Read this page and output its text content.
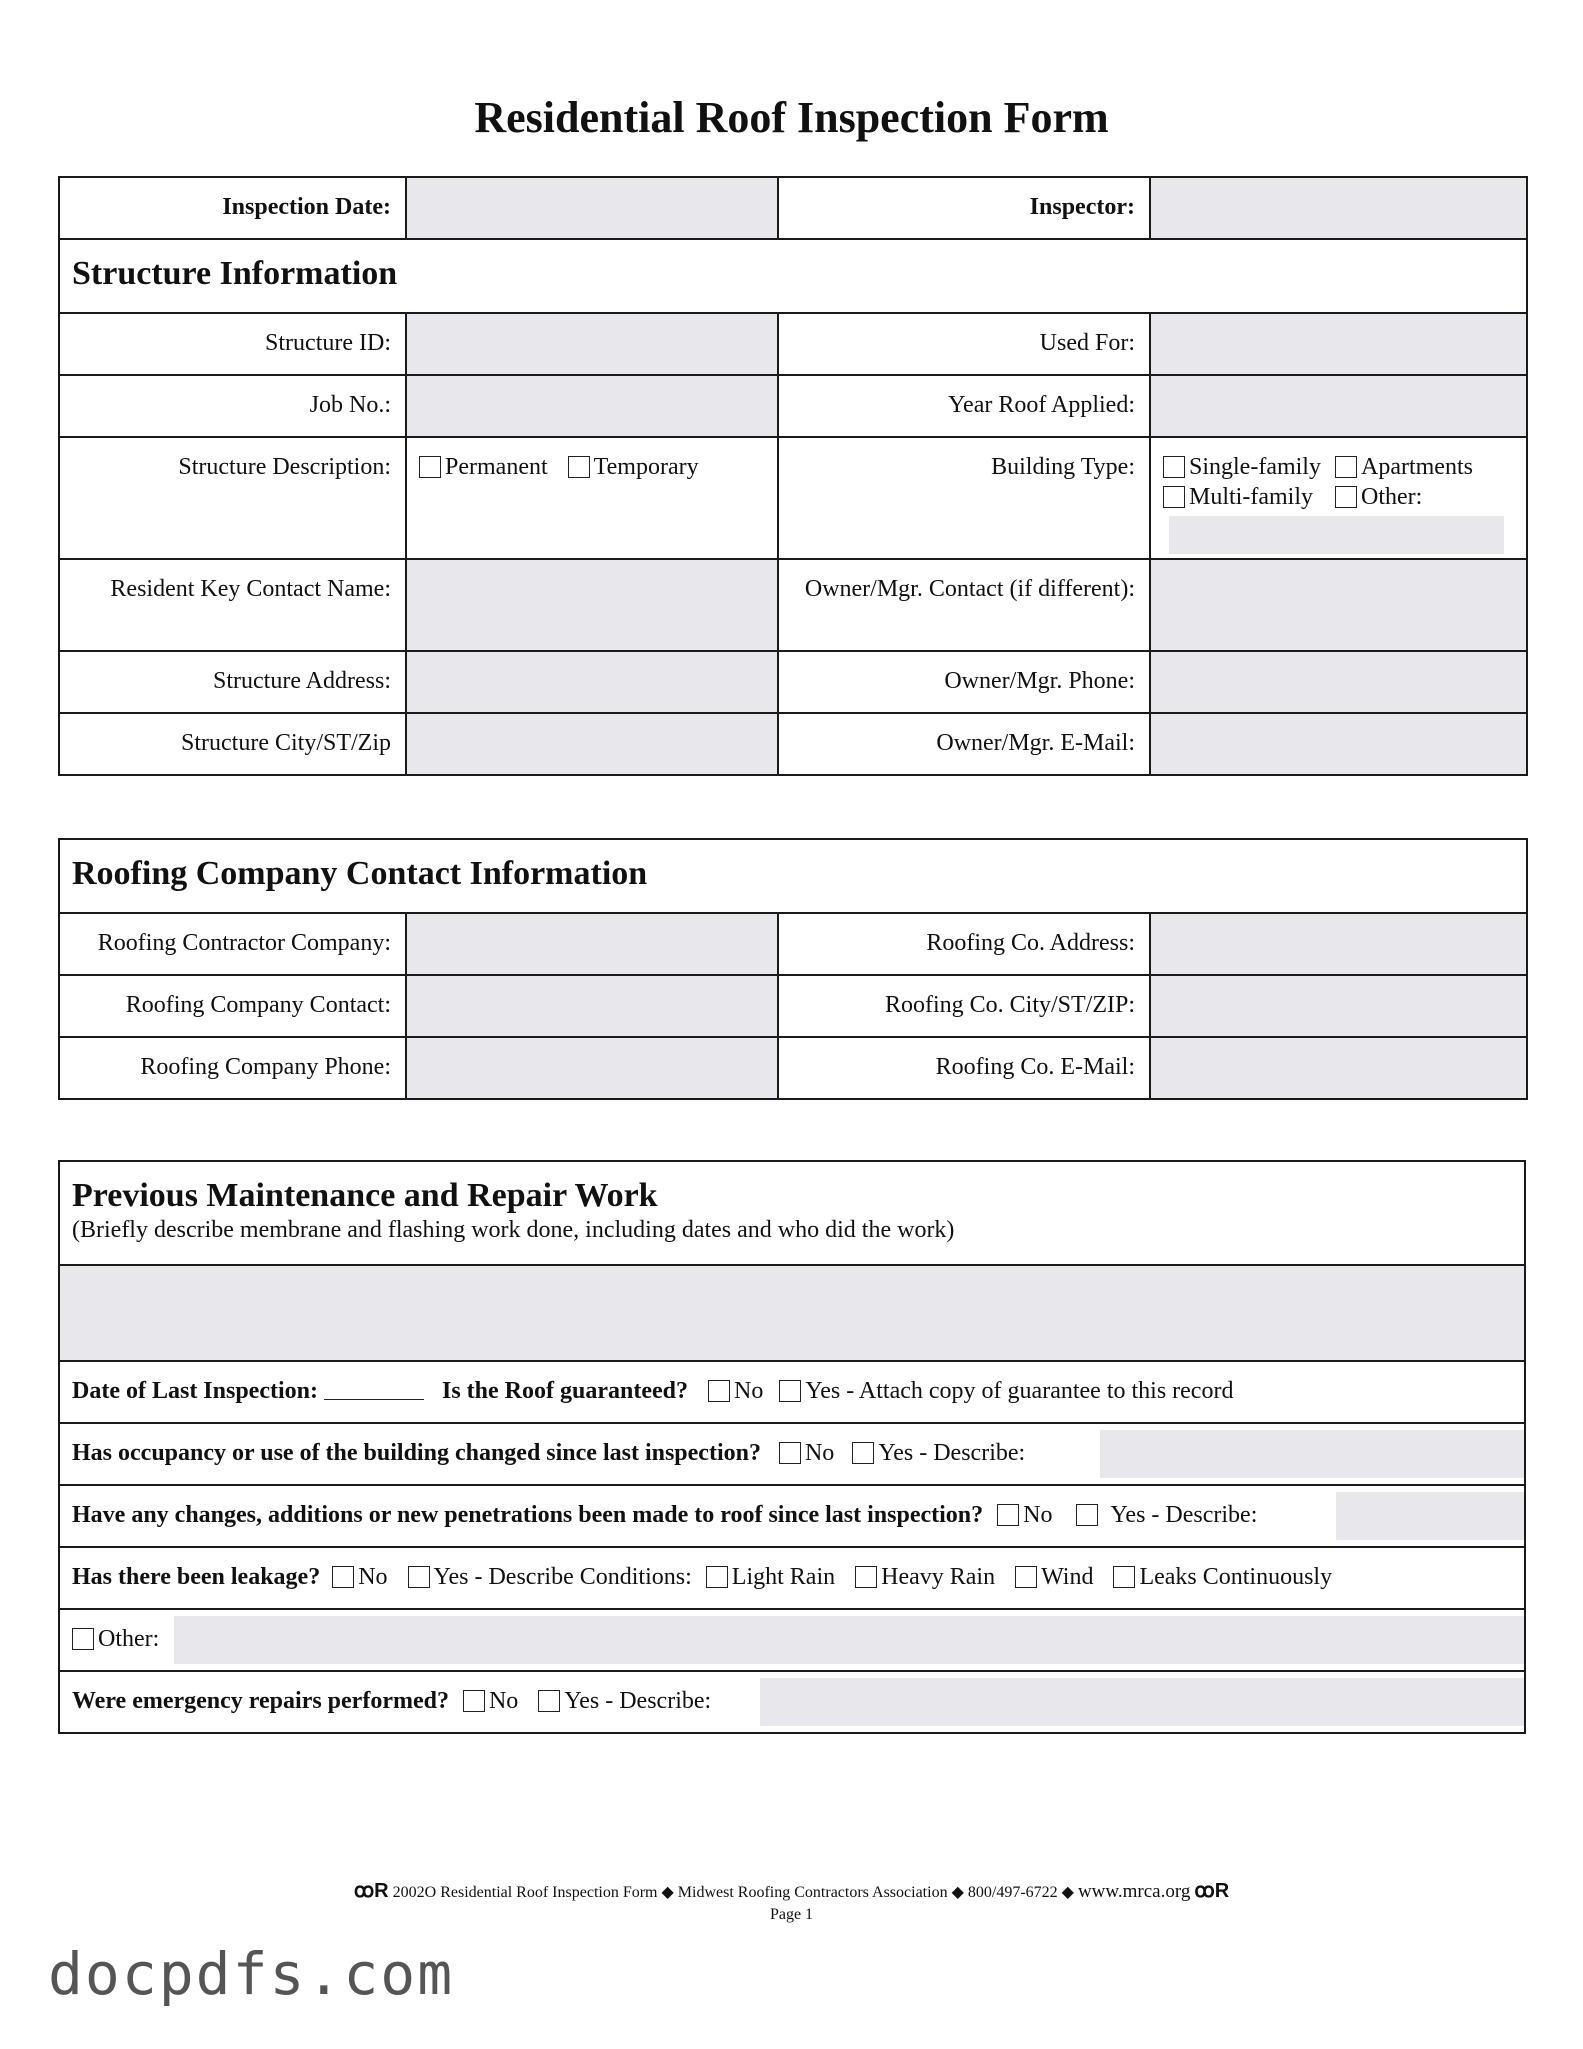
Residential Roof Inspection Form
Inspection Date:		Inspector:	

Structure Information			

Structure ID:		Used For:	
Job No.:		Year Roof Applied:	
Structure Description:	Permanent Temporary	Building Type:	Single-family Apartments
Multi-family Other:

Resident Key Contact Name:		Owner/Mgr. Contact (if different):	
Structure Address:		Owner/Mgr. Phone:	
Structure City/ST/Zip		Owner/Mgr. E-Mail:	
Roofing Company Contact Information			

Roofing Contractor Company:		Roofing Co. Address:	
Roofing Company Contact:		Roofing Co. City/ST/ZIP:	
Roofing Company Phone:		Roofing Co. E-Mail:	
Previous Maintenance and Repair Work
(Briefly describe membrane and flashing work done, including dates and who did the work)

Date of Last Inspection:	Is the Roof guaranteed? No Yes - Attach copy of guarantee to this record
Has occupancy or use of the building changed since last inspection? No Yes - Describe:

Have any changes, additions or new penetrations been made to roof since last inspection? No Yes - Describe:

Has there been leakage? No Yes - Describe Conditions: Light Rain Heavy Rain Wind Leaks Continuously
Other:

Were emergency repairs performed? No Yes - Describe:
ꝏR 2002O Residential Roof Inspection Form ◆ Midwest Roofing Contractors Association ◆ 800/497-6722 ◆ www.mrca.org ꝏR
Page 1
docpdfs.com
